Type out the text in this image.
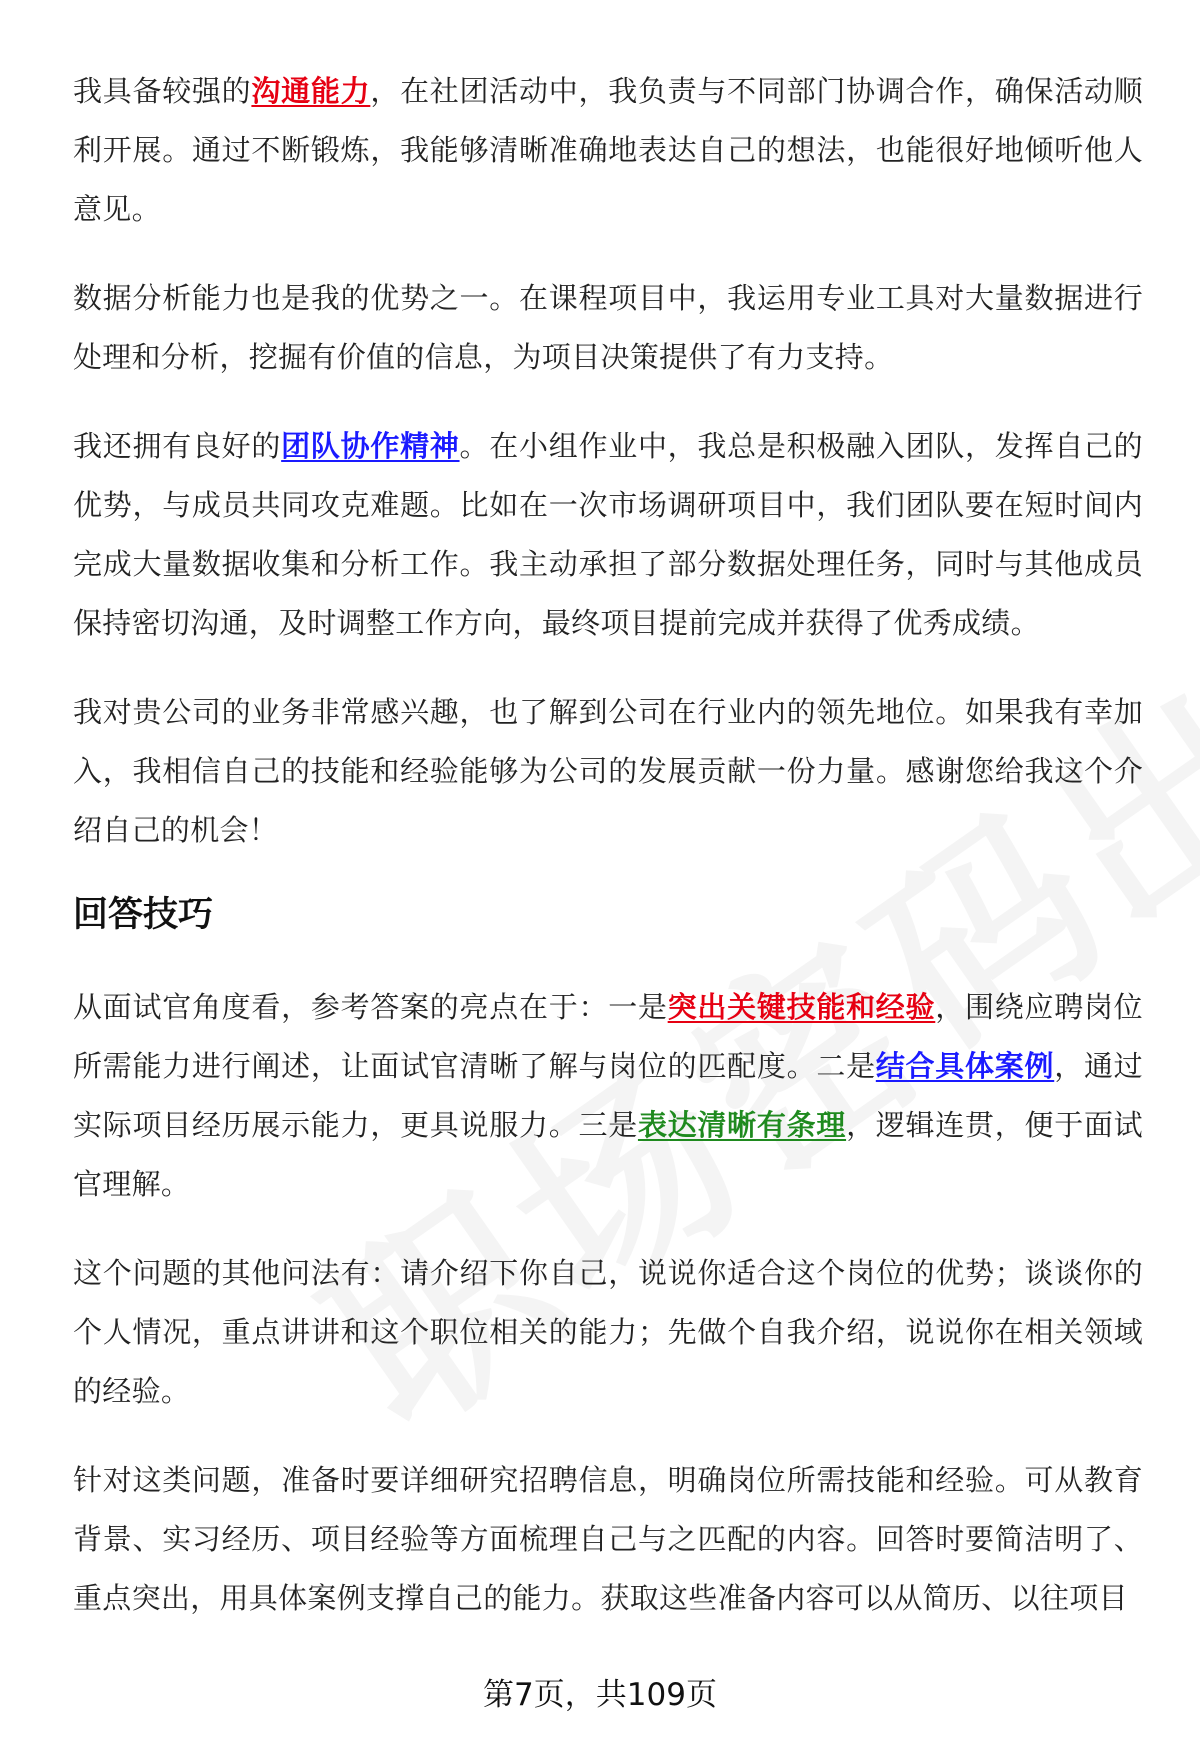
我具备较强的沟通能力，在社团活动中，我负责与不同部门协调合作，确保活动顺利开展。通过不断锻炼，我能够清晰准确地表达自己的想法，也能很好地倾听他人意见。

数据分析能力也是我的优势之一。在课程项目中，我运用专业工具对大量数据进行处理和分析，挖掘有价值的信息，为项目决策提供了有力支持。

我还拥有良好的团队协作精神。在小组作业中，我总是积极融入团队，发挥自己的优势，与成员共同攻克难题。比如在一次市场调研项目中，我们团队要在短时间内完成大量数据收集和分析工作。我主动承担了部分数据处理任务，同时与其他成员保持密切沟通，及时调整工作方向，最终项目提前完成并获得了优秀成绩。

我对贵公司的业务非常感兴趣，也了解到公司在行业内的领先地位。如果我有幸加入，我相信自己的技能和经验能够为公司的发展贡献一份力量。感谢您给我这个介绍自己的机会！

回答技巧

从面试官角度看，参考答案的亮点在于：一是突出关键技能和经验，围绕应聘岗位所需能力进行阐述，让面试官清晰了解与岗位的匹配度。二是结合具体案例，通过实际项目经历展示能力，更具说服力。三是表达清晰有条理，逻辑连贯，便于面试官理解。

这个问题的其他问法有：请介绍下你自己，说说你适合这个岗位的优势；谈谈你的个人情况，重点讲讲和这个职位相关的能力；先做个自我介绍，说说你在相关领域的经验。

针对这类问题，准备时要详细研究招聘信息，明确岗位所需技能和经验。可从教育背景、实习经历、项目经验等方面梳理自己与之匹配的内容。回答时要简洁明了、重点突出，用具体案例支撑自己的能力。获取这些准备内容可以从简历、以往项目

第7页，共109页
